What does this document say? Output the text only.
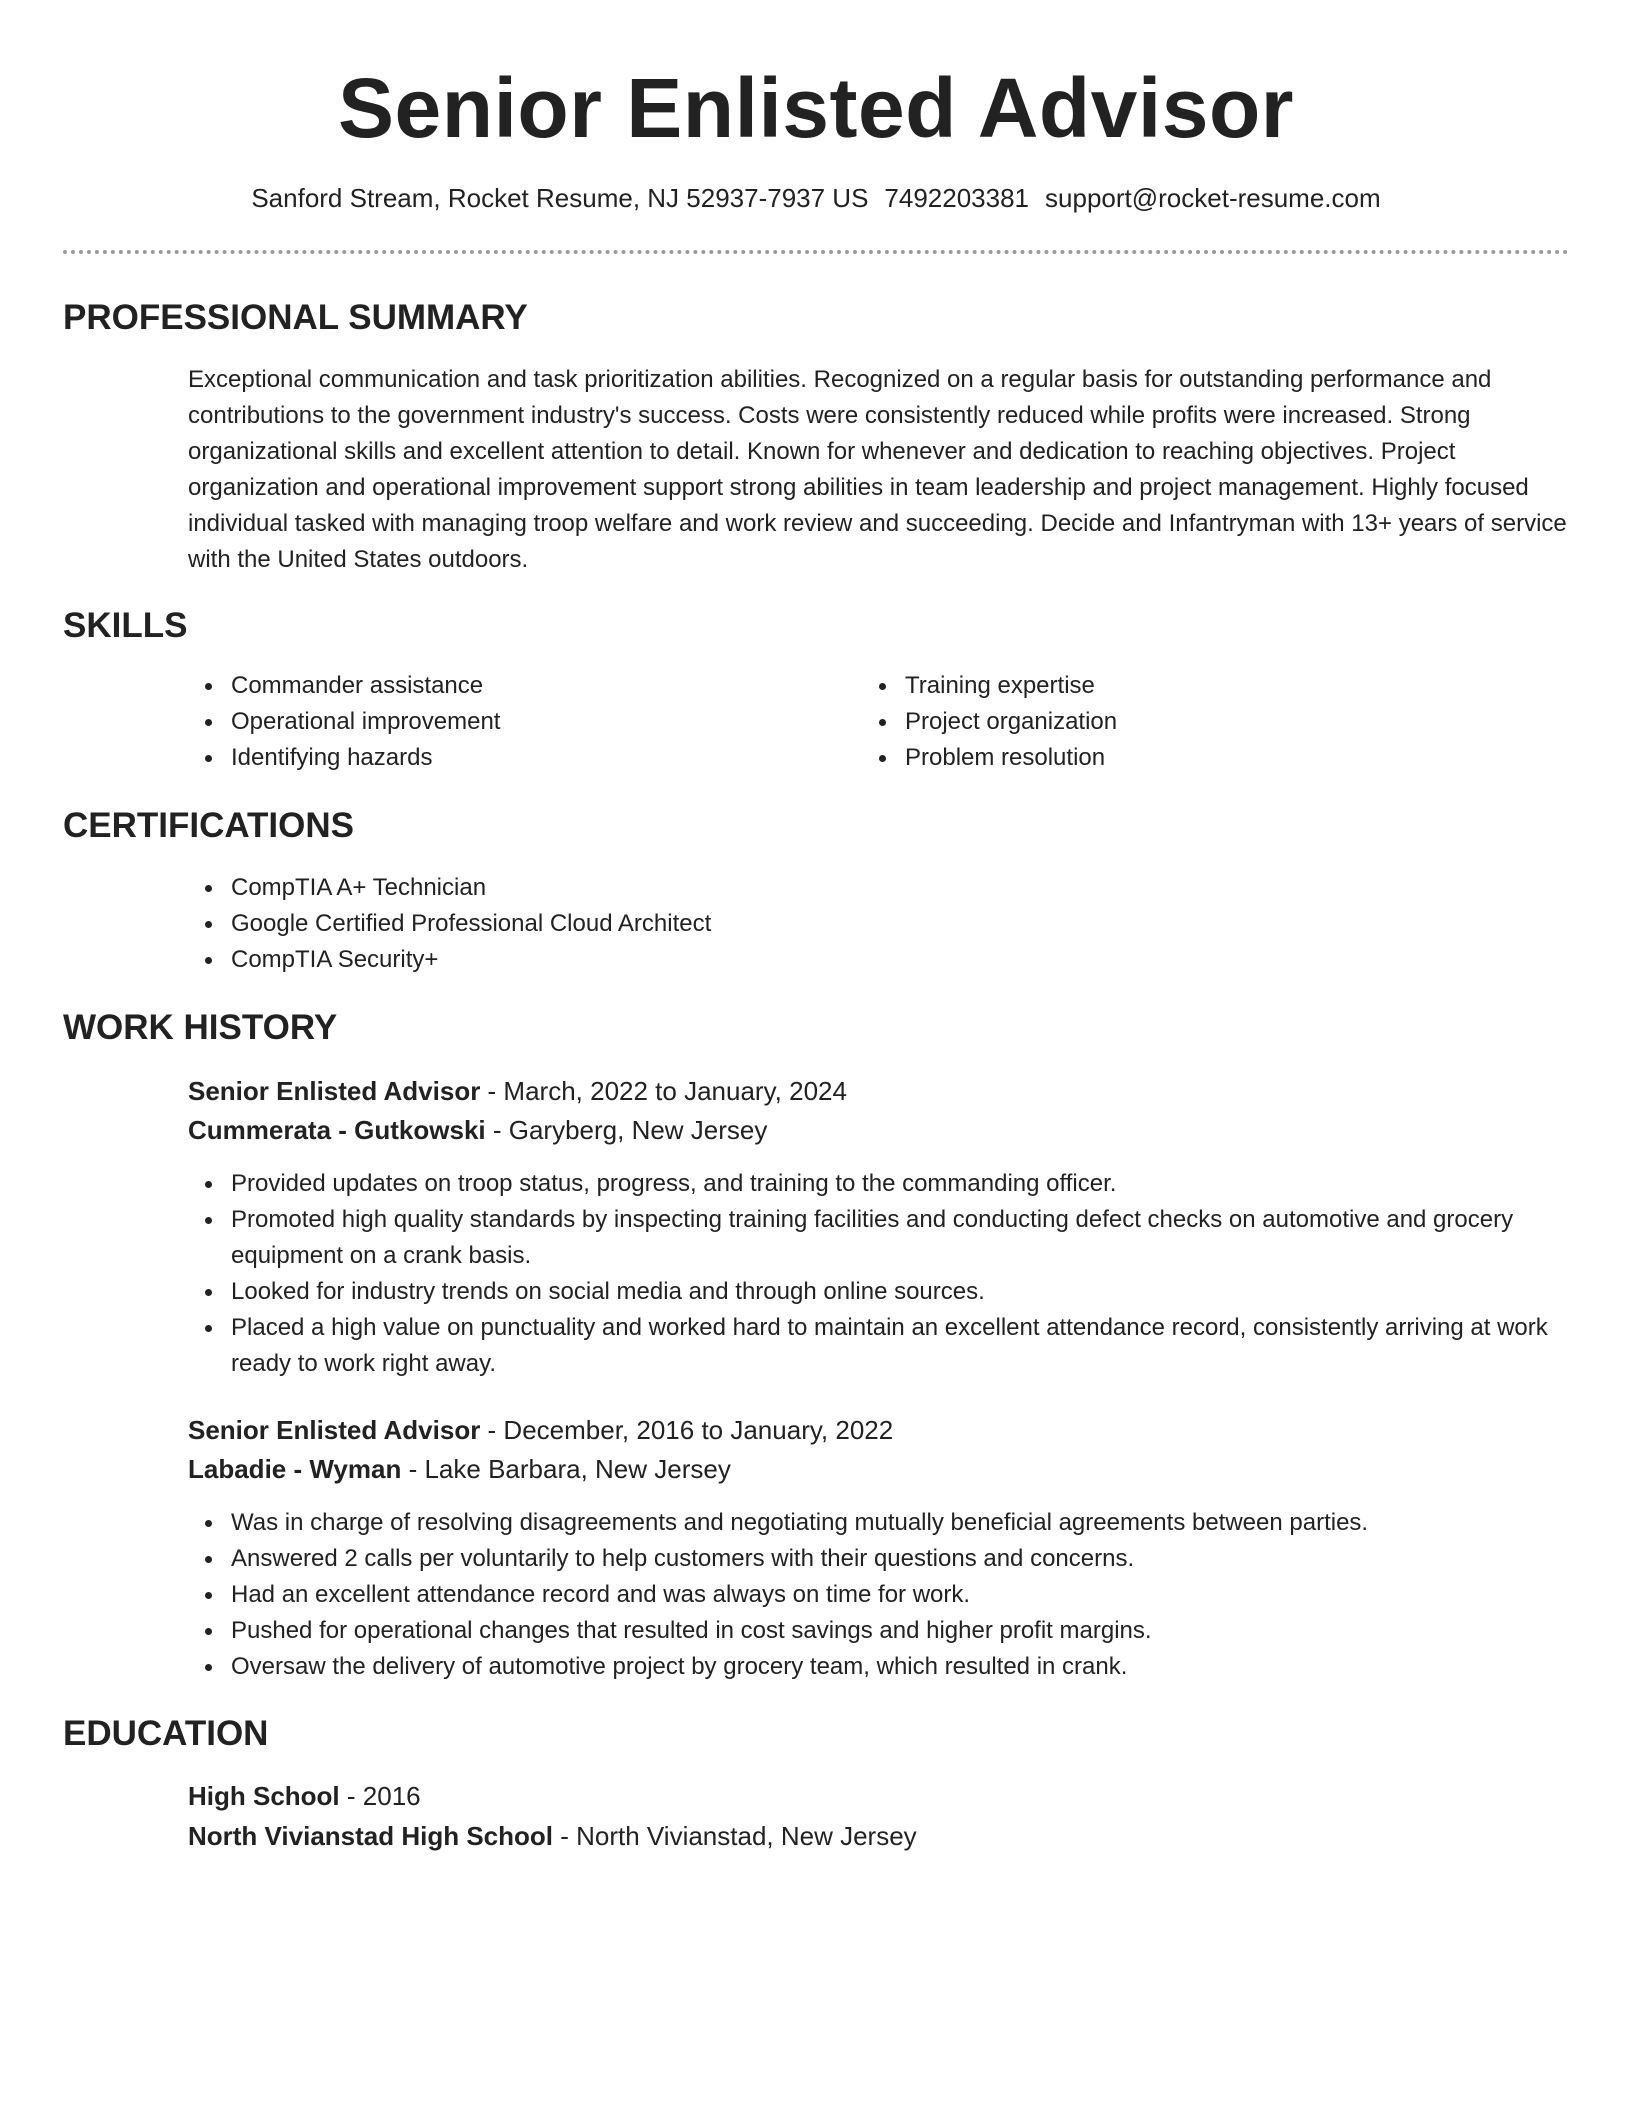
Senior Enlisted Advisor
Sanford Stream, Rocket Resume, NJ 52937-7937 US 7492203381 support@rocket-resume.com
PROFESSIONAL SUMMARY

Exceptional communication and task prioritization abilities. Recognized on a regular basis for outstanding performance and contributions to the government industry's success. Costs were consistently reduced while profits were increased. Strong organizational skills and excellent attention to detail. Known for whenever and dedication to reaching objectives. Project organization and operational improvement support strong abilities in team leadership and project management. Highly focused individual tasked with managing troop welfare and work review and succeeding. Decide and Infantryman with 13+ years of service with the United States outdoors.

SKILLS
Commander assistance
Operational improvement
Identifying hazards
Training expertise
Project organization
Problem resolution
CERTIFICATIONS
CompTIA A+ Technician
Google Certified Professional Cloud Architect
CompTIA Security+
WORK HISTORY
Senior Enlisted Advisor - March, 2022 to January, 2024
Cummerata - Gutkowski - Garyberg, New Jersey
Provided updates on troop status, progress, and training to the commanding officer.
Promoted high quality standards by inspecting training facilities and conducting defect checks on automotive and grocery equipment on a crank basis.
Looked for industry trends on social media and through online sources.
Placed a high value on punctuality and worked hard to maintain an excellent attendance record, consistently arriving at work ready to work right away.
Senior Enlisted Advisor - December, 2016 to January, 2022
Labadie - Wyman - Lake Barbara, New Jersey
Was in charge of resolving disagreements and negotiating mutually beneficial agreements between parties.
Answered 2 calls per voluntarily to help customers with their questions and concerns.
Had an excellent attendance record and was always on time for work.
Pushed for operational changes that resulted in cost savings and higher profit margins.
Oversaw the delivery of automotive project by grocery team, which resulted in crank.
EDUCATION
High School - 2016
North Vivianstad High School - North Vivianstad, New Jersey
